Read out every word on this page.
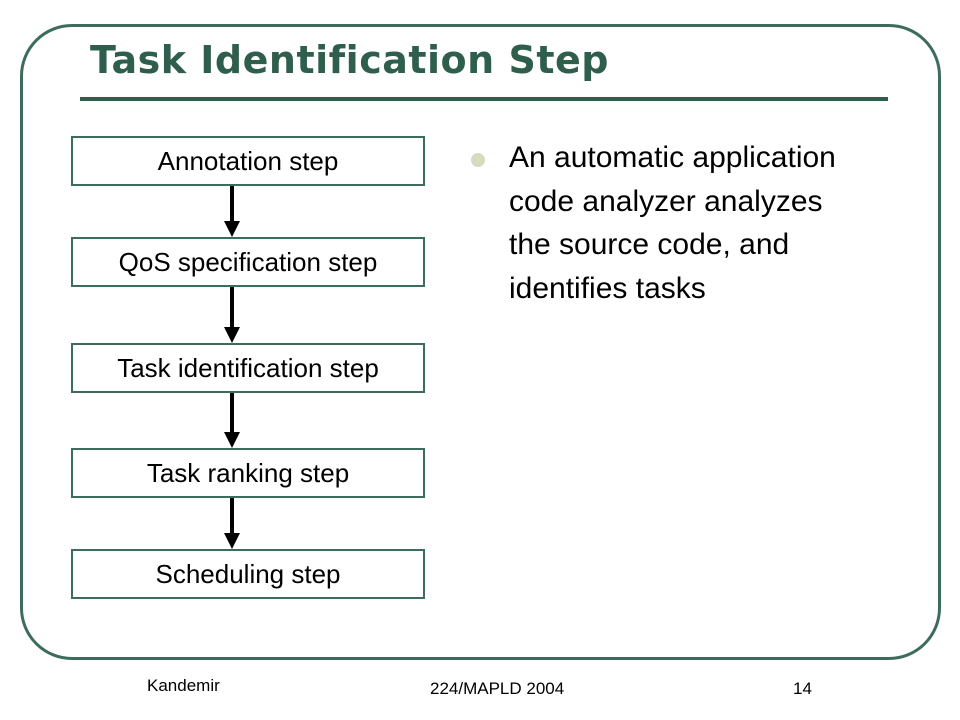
Task Identification Step
Annotation step
QoS specification step
Task identification step
Task ranking step
Scheduling step
An automatic application code analyzer analyzes the source code, and identifies tasks
Kandemir	224/MAPLD 2004	14
